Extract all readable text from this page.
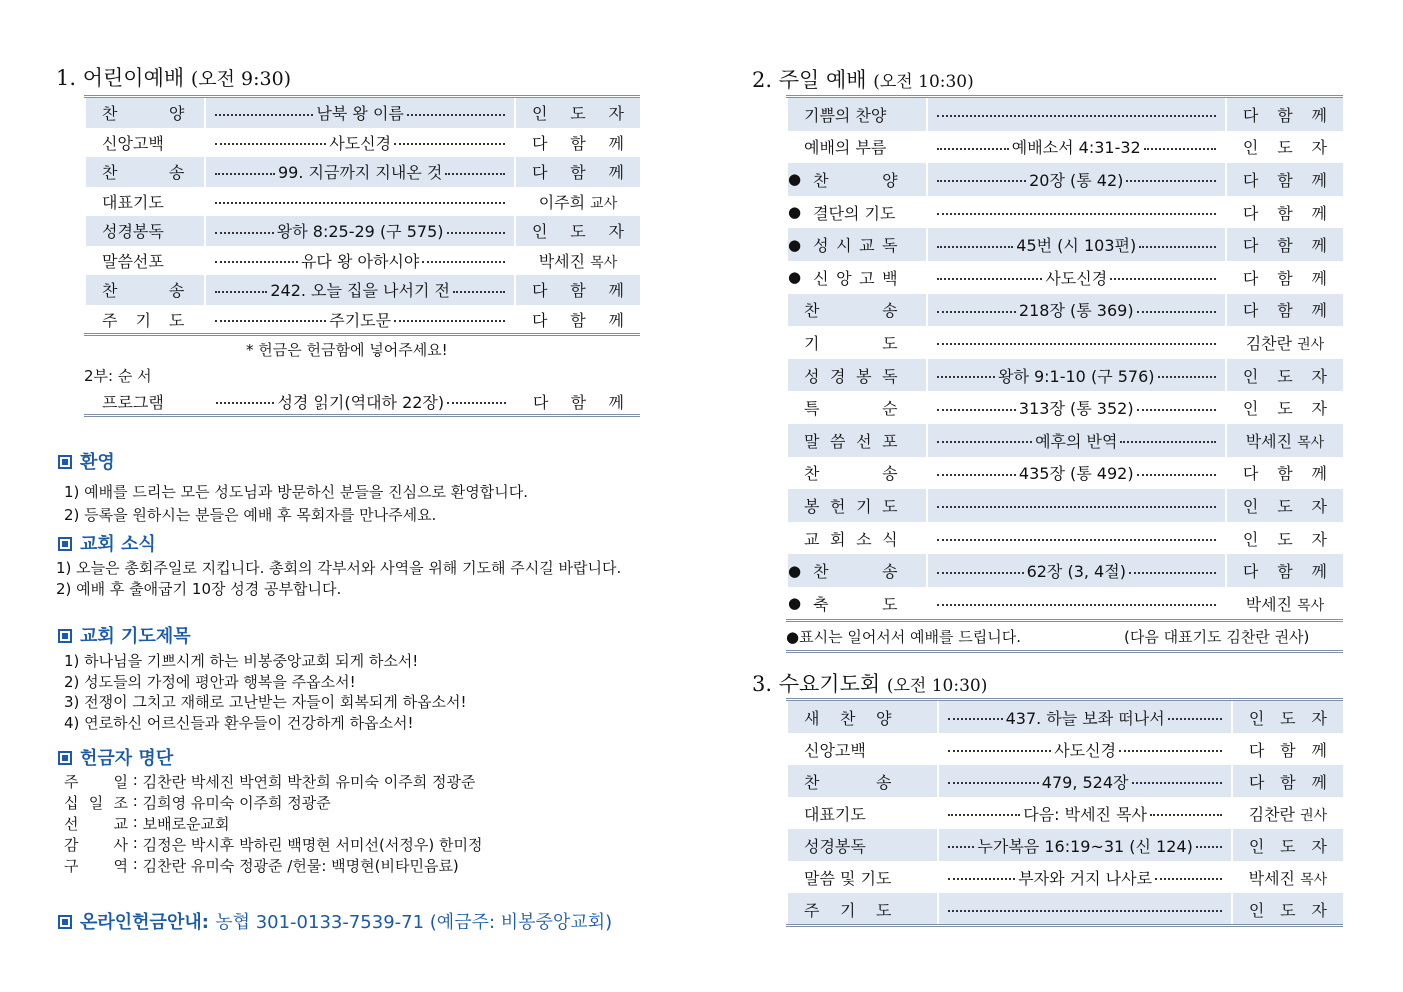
1. 어린이예배 (오전 9:30)
찬 양	남북 왕 이름	인 도 자

신앙고백	사도신경	다 함 께

찬 송	99. 지금까지 지내온 것	다 함 께

대표기도		이주희 교사

성경봉독	왕하 8:25-29 (구 575)	인 도 자

말씀선포	유다 왕 아하시야	박세진 목사

찬 송	242. 오늘 집을 나서기 전	다 함 께

주 기 도	주기도문	다 함 께
* 헌금은 헌금함에 넣어주세요!
2부: 순 서
프로그램	성경 읽기(역대하 22장)	다 함 께
환영
1) 예배를 드리는 모든 성도님과 방문하신 분들을 진심으로 환영합니다.
2) 등록을 원하시는 분들은 예배 후 목회자를 만나주세요.
교회 소식
1) 오늘은 총회주일로 지킵니다. 총회의 각부서와 사역을 위해 기도해 주시길 바랍니다.
2) 예배 후 출애굽기 10장 성경 공부합니다.
교회 기도제목
1) 하나님을 기쁘시게 하는 비봉중앙교회 되게 하소서!
2) 성도들의 가정에 평안과 행복을 주옵소서!
3) 전쟁이 그치고 재해로 고난받는 자들이 회복되게 하옵소서!
4) 연로하신 어르신들과 환우들이 건강하게 하옵소서!
헌금자 명단
주 일 : 김찬란 박세진 박연희 박찬희 유미숙 이주희 정광준
십 일 조 : 김희영 유미숙 이주희 정광준
선 교 : 보배로운교회
감 사 : 김정은 박시후 박하린 백명현 서미선(서정우) 한미정
구 역 : 김찬란 유미숙 정광준 /헌물: 백명현(비타민음료)
온라인헌금안내: 농협 301-0133-7539-71 (예금주: 비봉중앙교회)
2. 주일 예배 (오전 10:30)
기쁨의 찬양		다 함 께

예배의 부름	예배소서 4:31-32	인 도 자

● 찬 양	20장 (통 42)	다 함 께

● 결단의 기도		다 함 께

● 성 시 교 독	45번 (시 103편)	다 함 께

● 신 앙 고 백	사도신경	다 함 께

찬 송	218장 (통 369)	다 함 께

기 도		김찬란 권사

성 경 봉 독	왕하 9:1-10 (구 576)	인 도 자

특 순	313장 (통 352)	인 도 자

말 씀 선 포	예후의 반역	박세진 목사

찬 송	435장 (통 492)	다 함 께

봉 헌 기 도		인 도 자

교 회 소 식		인 도 자

● 찬 송	62장 (3, 4절)	다 함 께

● 축 도		박세진 목사
●표시는 일어서서 예배를 드립니다.	(다음 대표기도 김찬란 권사)
3. 수요기도회 (오전 10:30)
새 찬 양	437. 하늘 보좌 떠나서	인 도 자

신앙고백	사도신경	다 함 께

찬 송	479, 524장	다 함 께

대표기도	다음: 박세진 목사	김찬란 권사

성경봉독	누가복음 16:19~31 (신 124)	인 도 자

말씀 및 기도	부자와 거지 나사로	박세진 목사

주 기 도		인 도 자
